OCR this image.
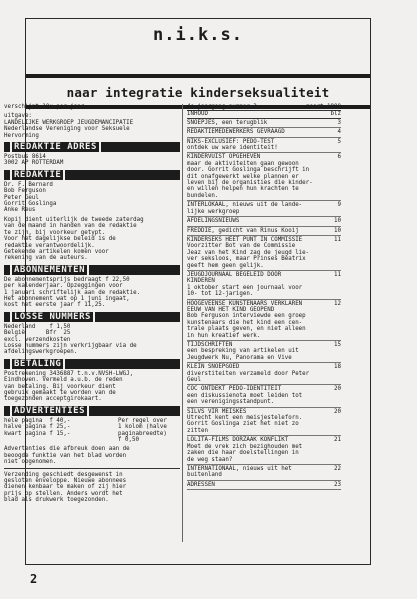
n.i.k.s.
naar integratie kinderseksualiteit
verschijnt 10x per jaar
uitgave:
LANDELIJKE WERKGROEP JEUGDEMANCIPATIE
Nederlandse Vereniging voor Seksuele
Hervorming
REDAKTIE ADRES
Postbus 8614
3002 AP ROTTERDAM
REDAKTIE
Dr. F. Bernard
Bob Ferguson
Peter Geul
Gorrit Goslinga
Anke Reus
Kopij dient uiterlijk de tweede zaterdag
van de maand in handen van de redaktie
te zijn, bij voorkeur getypt.
Voor het dagelijkse beleid is de
redaktie verantwoordelijk.
Getekende artikelen komen voor
rekening van de auteurs.
ABONNEMENTEN
De abonnementsprijs bedraagt f 22,50
per kalenderjaar. Opzeggingen voor
1 januari schriftelijk aan de redaktie.
Het abonnement wat op 1 juni ingaat,
kost het eerste jaar f 11,25.
LOSSE NUMMERS
Nederland    f 1,50
België      Bfr  25
excl. verzendkosten
Losse nummers zijn verkrijgbaar via de
afdelingswerkgroepen.
BETALING
Postrekening 3436887 t.n.v.NVSH-LWGJ,
Eindhoven. Vermeld a.u.b. de reden
van betaling. Bij voorkeur dient
gebruik gemaakt te worden van de
toegezonden acceptgirokaart.
ADVERTENTIES
hele pagina  f 40,-	Per regel over
halve pagina f 25,-	1 kolom (halve
kwart pagina f 15,-	paginabreedte)
f 0,50
Advertenties die afbreuk doen aan de
beoogde funktie van het blad worden
niet opgenomen.
Verzending geschiedt desgewenst in
gesloten enveloppe. Nieuwe abonnees
dienen kenbaar te maken of zij hier
prijs op stellen. Anders wordt het
blad als drukwerk toegezonden.
4e jaargang nummer 3	maart 1980
INHOUD	blz
SNOEPJES, een terugblik	3
REDAKTIEMEDEWERKERS GEVRAAGD	4
NIKS-EXCLUSIEF: PEDO-TEST	5
ontdek uw ware identiteit!
KINDERVUIST OPGEHEVEN	6
maar de aktiviteiten gaan gewoon
door. Gorrit Goslinga beschrijft in
dit onafgewerkt welke plannen er
leven bij de organisties die kinder-
en willen helpen hun krachten te
bundelen.
INTERLOKAAL, nieuws uit de lande-	9
lijke werkgroep
AFDELINGSNIEUWS	10
FREDDIE, gedicht van Rinus Kooij	10
KINDERSEKS HEET PUNT IN COMMISSIE	11
Voorzitter Bot van de Commissie
Jeaz van het Kind zag de jeugd lie-
ver seksloos, maar Prinses Beatrix
geeft hem geen gelijk.
JEUGDJOURNAAL BEGELEID DOOR	11
KINDEREN
1 oktober start een journaal voor
10- tot 12-jarigen.
HOOGEVEENSE KUNSTENAARS VERKLAREN	12
EEUW VAN HET KIND GEOPEND
Bob Ferguson interviewde een groep
kunstenaars die het kind een cen-
trale plaats geven, en niet alleen
in hun kreatief werk.
TIJDSCHRIFTEN	15
een bespreking van artikelen uit
Jeugdwerk Nu, Panorama en Vive
KLEIN SNOEPGOED	18
diverstiteiten verzameld door Peter
Geul
COC ONTDEKT PEDO-IDENTITEIT	20
een diskussienota moet leiden tot
een verenigingsstandpunt.
SILVS VIR MEISKES	20
Utrecht kent een meisjesteleforn.
Gorrit Goslinga ziet het niet zo
zitten
LOLITA-FILMS DORZAAK KONFLIKT	21
Moet de vrek zich bezighouden met
zaken die haar doelstellingen in
de weg staan?
INTERNATIONAAL, nieuws uit het	22
buitenland
ADRESSEN	23
2
